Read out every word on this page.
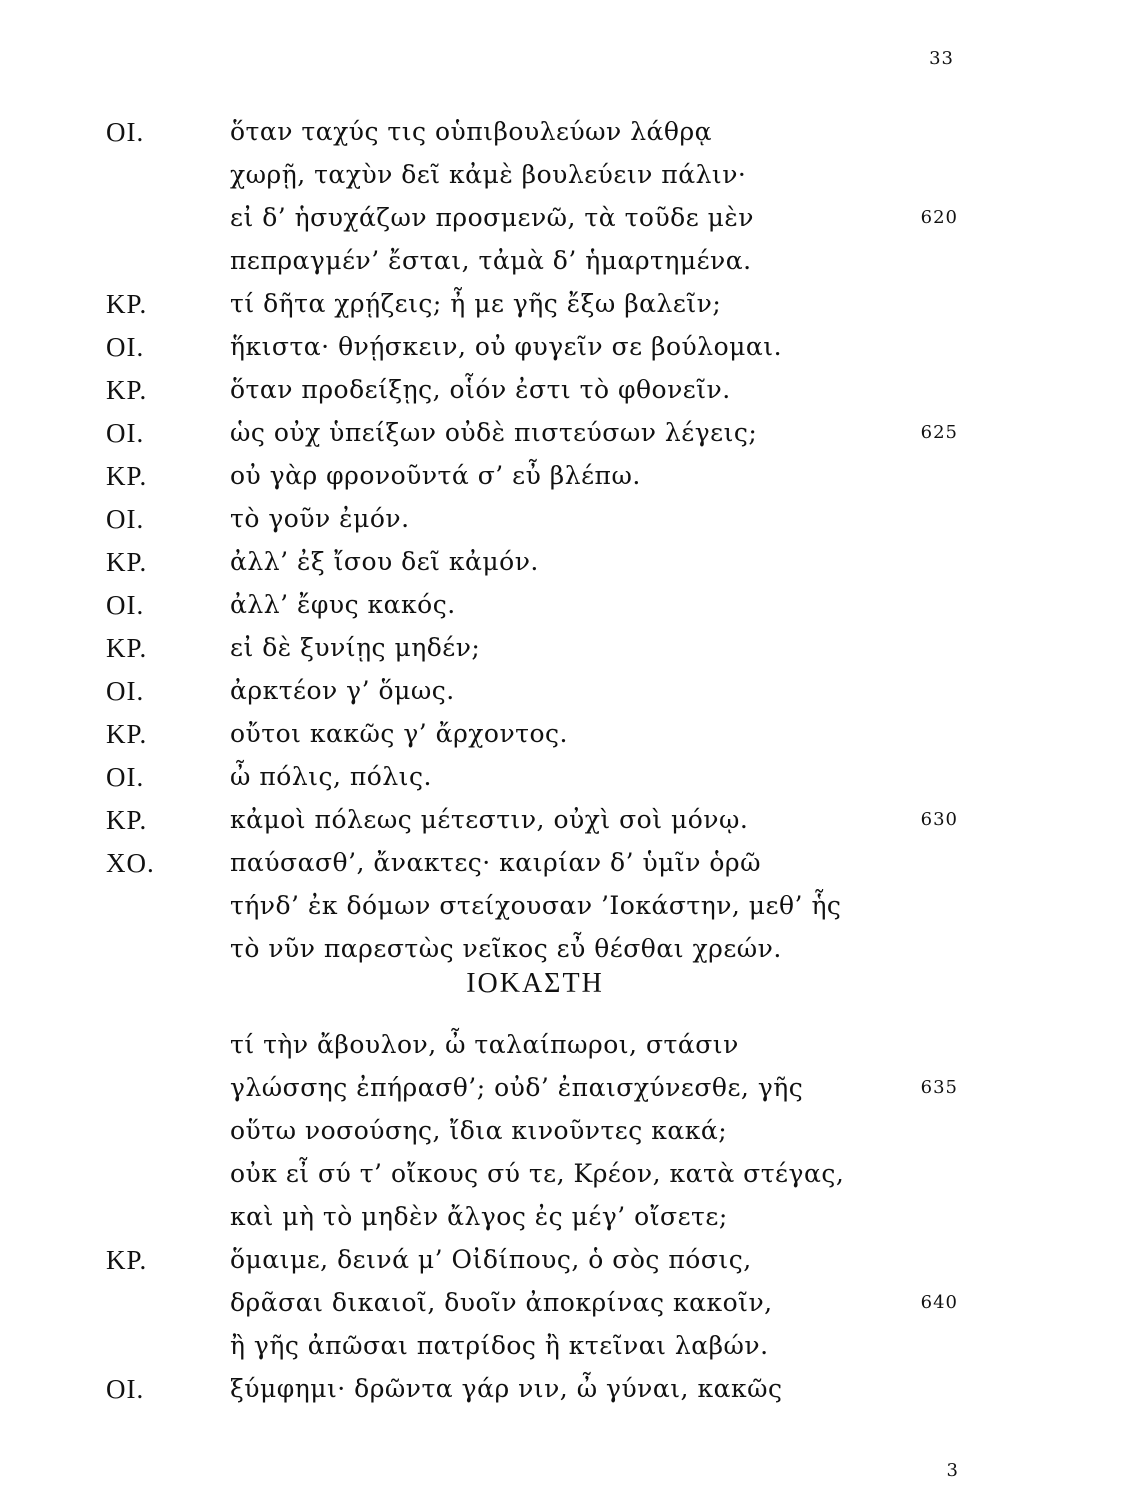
33
ΟΙ.	ὅταν ταχύς τις οὑπιβουλεύων λάθρᾳ
χωρῇ, ταχὺν δεῖ κἀμὲ βουλεύειν πάλιν·
εἰ δ’ ἡσυχάζων προσμενῶ, τὰ τοῦδε μὲν	620
πεπραγμέν’ ἔσται, τἀμὰ δ’ ἡμαρτημένα.
ΚΡ.	τί δῆτα χρῄζεις; ἦ με γῆς ἔξω βαλεῖν;
ΟΙ.	ἥκιστα· θνῄσκειν, οὐ φυγεῖν σε βούλομαι.
ΚΡ.	ὅταν προδείξῃς, οἷόν ἐστι τὸ φθονεῖν.
ΟΙ.	ὡς οὐχ ὑπείξων οὐδὲ πιστεύσων λέγεις;	625
ΚΡ.	οὐ γὰρ φρονοῦντά σ’ εὖ βλέπω.
ΟΙ.	τὸ γοῦν ἐμόν.
ΚΡ.	ἀλλ’ ἐξ ἴσου δεῖ κἀμόν.
ΟΙ.	ἀλλ’ ἔφυς κακός.
ΚΡ.	εἰ δὲ ξυνίῃς μηδέν;
ΟΙ.	ἀρκτέον γ’ ὅμως.
ΚΡ.	οὔτοι κακῶς γ’ ἄρχοντος.
ΟΙ.	ὦ πόλις, πόλις.
ΚΡ.	κἀμοὶ πόλεως μέτεστιν, οὐχὶ σοὶ μόνῳ.	630
ΧΟ.	παύσασθ’, ἄνακτες· καιρίαν δ’ ὑμῖν ὁρῶ
τήνδ’ ἐκ δόμων στείχουσαν ’Ιοκάστην, μεθ’ ἧς
τὸ νῦν παρεστὼς νεῖκος εὖ θέσθαι χρεών.
ΙΟΚΑΣΤΗ
τί τὴν ἄβουλον, ὦ ταλαίπωροι, στάσιν
γλώσσης ἐπήρασθ’; οὐδ’ ἐπαισχύνεσθε, γῆς	635
οὕτω νοσούσης, ἴδια κινοῦντες κακά;
οὐκ εἶ σύ τ’ οἴκους σύ τε, Κρέον, κατὰ στέγας,
καὶ μὴ τὸ μηδὲν ἄλγος ἐς μέγ’ οἴσετε;
ΚΡ.	ὅμαιμε, δεινά μ’ Οἰδίπους, ὁ σὸς πόσις,
δρᾶσαι δικαιοῖ, δυοῖν ἀποκρίνας κακοῖν,	640
ἢ γῆς ἀπῶσαι πατρίδος ἢ κτεῖναι λαβών.
ΟΙ.	ξύμφημι· δρῶντα γάρ νιν, ὦ γύναι, κακῶς
3
